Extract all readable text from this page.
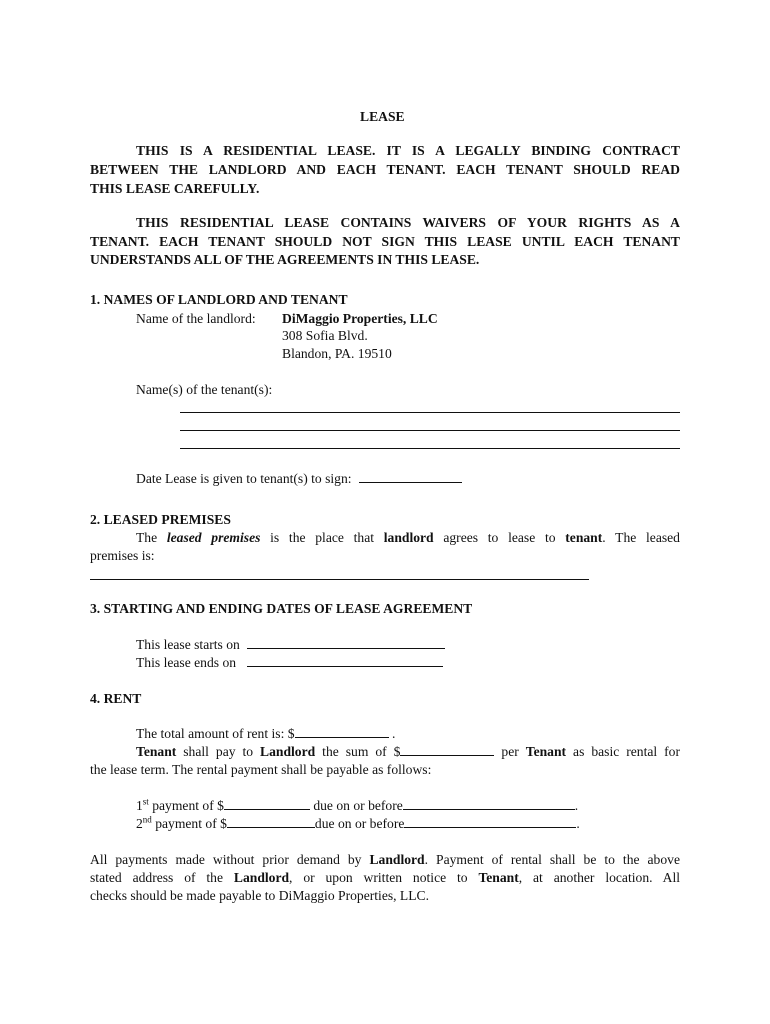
LEASE
THIS IS A RESIDENTIAL LEASE. IT IS A LEGALLY BINDING CONTRACT
BETWEEN THE LANDLORD AND EACH TENANT. EACH TENANT SHOULD READ
THIS LEASE CAREFULLY.
THIS RESIDENTIAL LEASE CONTAINS WAIVERS OF YOUR RIGHTS AS A
TENANT. EACH TENANT SHOULD NOT SIGN THIS LEASE UNTIL EACH TENANT
UNDERSTANDS ALL OF THE AGREEMENTS IN THIS LEASE.
1. NAMES OF LANDLORD AND TENANT
Name of the landlord: DiMaggio Properties, LLC
308 Sofia Blvd.
Blandon, PA. 19510
Name(s) of the tenant(s):
Date Lease is given to tenant(s) to sign:
2. LEASED PREMISES
The leased premises is the place that landlord agrees to lease to tenant. The leased
premises is:
3. STARTING AND ENDING DATES OF LEASE AGREEMENT
This lease starts on
This lease ends on
4. RENT
The total amount of rent is: $	.
Tenant shall pay to Landlord the sum of $	per Tenant as basic rental for
the lease term. The rental payment shall be payable as follows:
1st payment of $	due on or before	.
2nd payment of $	due on or before	.
All payments made without prior demand by Landlord. Payment of rental shall be to the above
stated address of the Landlord, or upon written notice to Tenant, at another location. All
checks should be made payable to DiMaggio Properties, LLC.
